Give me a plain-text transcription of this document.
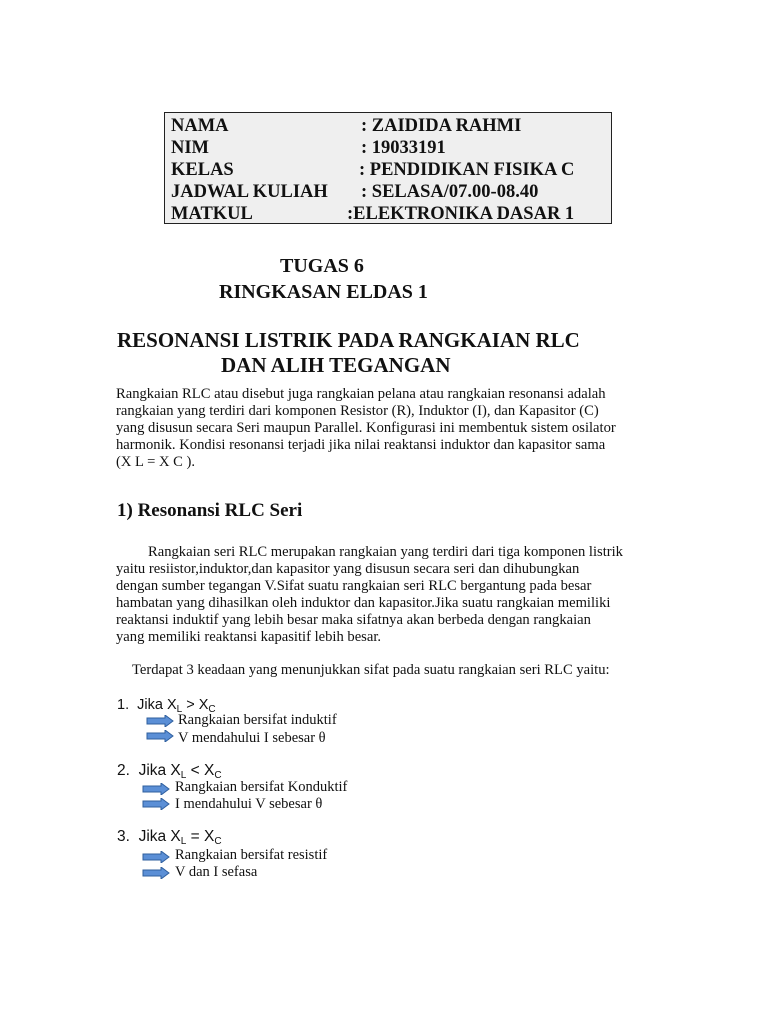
NAMA	: ZAIDIDA RAHMI
NIM	: 19033191
KELAS	: PENDIDIKAN FISIKA C
JADWAL KULIAH : SELASA/07.00-08.40
MATKUL	:ELEKTRONIKA DASAR 1
TUGAS 6
RINGKASAN ELDAS 1
RESONANSI LISTRIK PADA RANGKAIAN RLC
DAN ALIH TEGANGAN
Rangkaian RLC atau disebut juga rangkaian pelana atau rangkaian resonansi adalah
rangkaian yang terdiri dari komponen Resistor (R), Induktor (I), dan Kapasitor (C)
yang disusun secara Seri maupun Parallel. Konfigurasi ini membentuk sistem osilator
harmonik. Kondisi resonansi terjadi jika nilai reaktansi induktor dan kapasitor sama
(X L = X C ).
1) Resonansi RLC Seri
Rangkaian seri RLC merupakan rangkaian yang terdiri dari tiga komponen listrik
yaitu resiistor,induktor,dan kapasitor yang disusun secara seri dan dihubungkan
dengan sumber tegangan V.Sifat suatu rangkaian seri RLC bergantung pada besar
hambatan yang dihasilkan oleh induktor dan kapasitor.Jika suatu rangkaian memiliki
reaktansi induktif yang lebih besar maka sifatnya akan berbeda dengan rangkaian
yang memiliki reaktansi kapasitif lebih besar.
Terdapat 3 keadaan yang menunjukkan sifat pada suatu rangkaian seri RLC yaitu:
1. Jika $X_L > X_C$
Rangkaian bersifat induktif
V mendahului I sebesar θ
2. Jika $X_L < X_C$
Rangkaian bersifat Konduktif
I mendahului V sebesar θ
3. Jika $X_L = X_C$
Rangkaian bersifat resistif
V dan I sefasa
